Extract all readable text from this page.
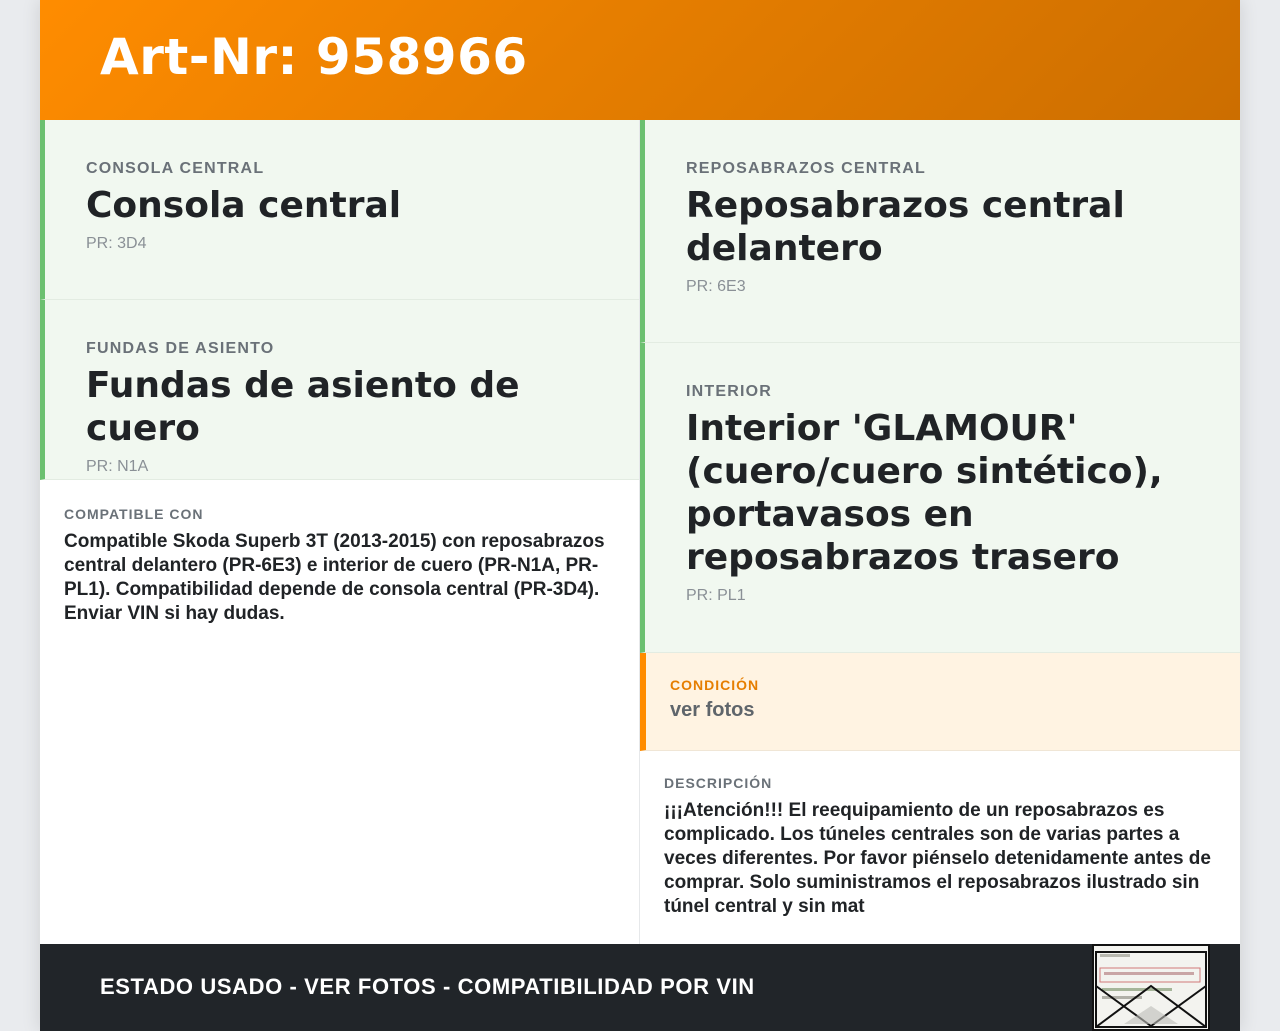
Art-Nr: 958966
CONSOLA CENTRAL
Consola central
PR: 3D4
FUNDAS DE ASIENTO
Fundas de asiento de cuero
PR: N1A
COMPATIBLE CON
Compatible Skoda Superb 3T (2013-2015) con reposabrazos central delantero (PR-6E3) e interior de cuero (PR-N1A, PR-PL1). Compatibilidad depende de consola central (PR-3D4). Enviar VIN si hay dudas.
REPOSABRAZOS CENTRAL
Reposabrazos central delantero
PR: 6E3
INTERIOR
Interior 'GLAMOUR' (cuero/cuero sintético), portavasos en reposabrazos trasero
PR: PL1
CONDICIÓN
ver fotos
DESCRIPCIÓN
¡¡¡Atención!!! El reequipamiento de un reposabrazos es complicado. Los túneles centrales son de varias partes a veces diferentes. Por favor piénselo detenidamente antes de comprar. Solo suministramos el reposabrazos ilustrado sin túnel central y sin mat
ESTADO USADO - VER FOTOS - COMPATIBILIDAD POR VIN
